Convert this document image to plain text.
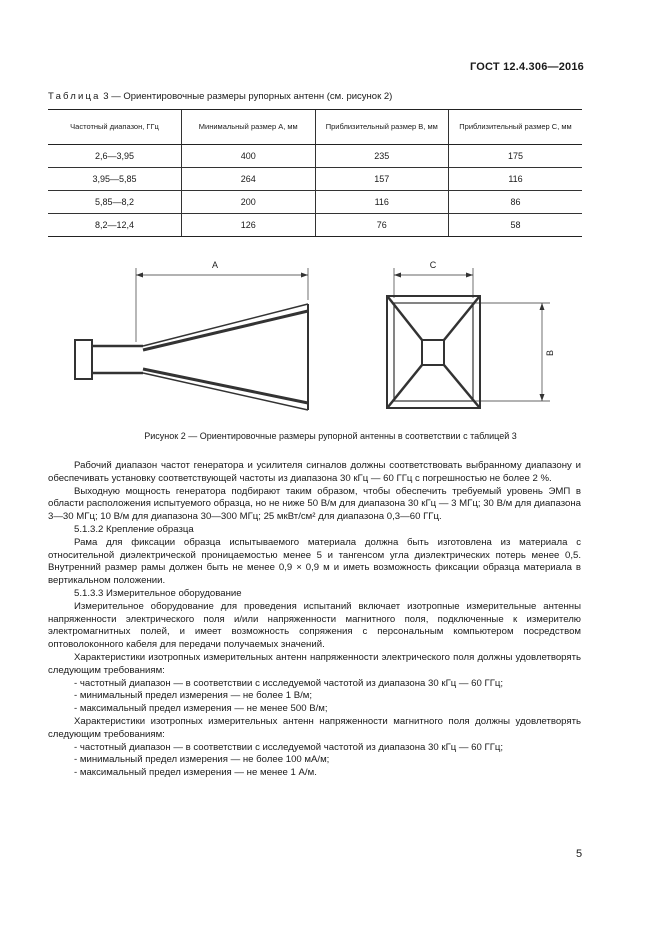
ГОСТ 12.4.306—2016
Таблица 3 — Ориентировочные размеры рупорных антенн (см. рисунок 2)
Частотный диапазон, ГГц	Минимальный размер A, мм	Приблизительный размер B, мм	Приблизительный размер C, мм
2,6—3,95	400	235	175
3,95—5,85	264	157	116
5,85—8,2	200	116	86
8,2—12,4	126	76	58
A	C
B
Рисунок 2 — Ориентировочные размеры рупорной антенны в соответствии с таблицей 3

Рабочий диапазон частот генератора и усилителя сигналов должны соответствовать выбранному диапазону и обеспечивать установку соответствующей частоты из диапазона 30 кГц — 60 ГГц с погрешностью не более 2 %.

Выходную мощность генератора подбирают таким образом, чтобы обеспечить требуемый уровень ЭМП в области расположения испытуемого образца, но не ниже 50 В/м для диапазона 30 кГц — 3 МГц; 30 В/м для диапазона 3—30 МГц; 10 В/м для диапазона 30—300 МГц; 25 мкВт/см² для диапазона 0,3—60 ГГц.

5.1.3.2 Крепление образца

Рама для фиксации образца испытываемого материала должна быть изготовлена из материала с относительной диэлектрической проницаемостью менее 5 и тангенсом угла диэлектрических потерь менее 0,5. Внутренний размер рамы должен быть не менее 0,9 × 0,9 м и иметь возможность фиксации образца материала в вертикальном положении.

5.1.3.3 Измерительное оборудование

Измерительное оборудование для проведения испытаний включает изотропные измерительные антенны напряженности электрического поля и/или напряженности магнитного поля, подключенные к измерителю электромагнитных полей, и имеет возможность сопряжения с персональным компьютером посредством оптоволоконного кабеля для передачи получаемых значений.

Характеристики изотропных измерительных антенн напряженности электрического поля должны удовлетворять следующим требованиям:

- частотный диапазон — в соответствии с исследуемой частотой из диапазона 30 кГц — 60 ГГц;

- минимальный предел измерения — не более 1 В/м;

- максимальный предел измерения — не менее 500 В/м;

Характеристики изотропных измерительных антенн напряженности магнитного поля должны удовлетворять следующим требованиям:

- частотный диапазон — в соответствии с исследуемой частотой из диапазона 30 кГц — 60 ГГц;

- минимальный предел измерения — не более 100 мА/м;

- максимальный предел измерения — не менее 1 А/м.

5
